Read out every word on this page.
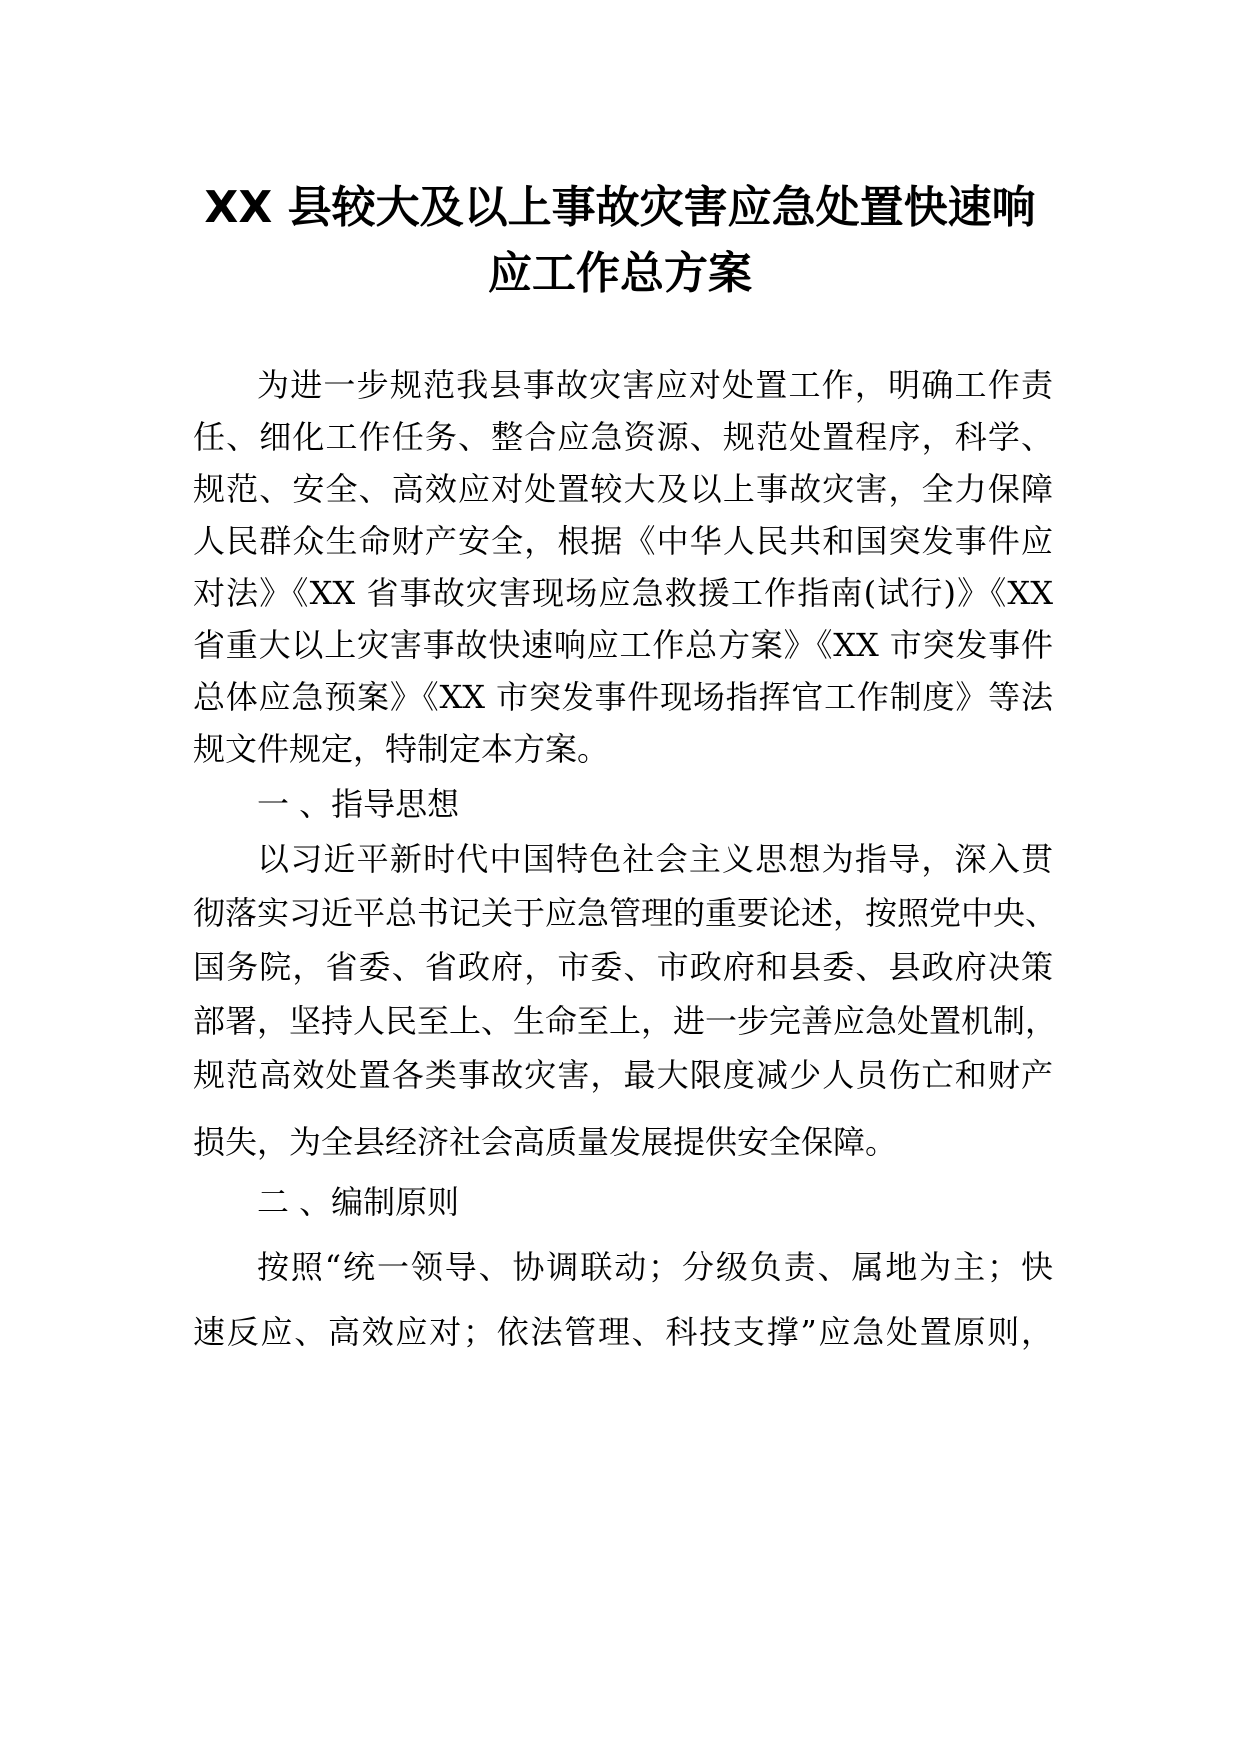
XX 县较大及以上事故灾害应急处置快速响
应工作总方案
为进一步规范我县事故灾害应对处置工作，明确工作责
任、细化工作任务、整合应急资源、规范处置程序，科学、
规范、安全、高效应对处置较大及以上事故灾害，全力保障
人民群众生命财产安全，根据《中华人民共和国突发事件应
对法》《XX 省事故灾害现场应急救援工作指南(试行)》《XX
省重大以上灾害事故快速响应工作总方案》《XX 市突发事件
总体应急预案》《XX 市突发事件现场指挥官工作制度》等法
规文件规定，特制定本方案。
一 、指导思想
以习近平新时代中国特色社会主义思想为指导，深入贯
彻落实习近平总书记关于应急管理的重要论述，按照党中央、
国务院，省委、省政府，市委、市政府和县委、县政府决策
部署，坚持人民至上、生命至上，进一步完善应急处置机制，
规范高效处置各类事故灾害，最大限度减少人员伤亡和财产
损失，为全县经济社会高质量发展提供安全保障。
二 、编制原则
按照“统一领导、协调联动；分级负责、属地为主；快
速反应、高效应对；依法管理、科技支撑”应急处置原则，
